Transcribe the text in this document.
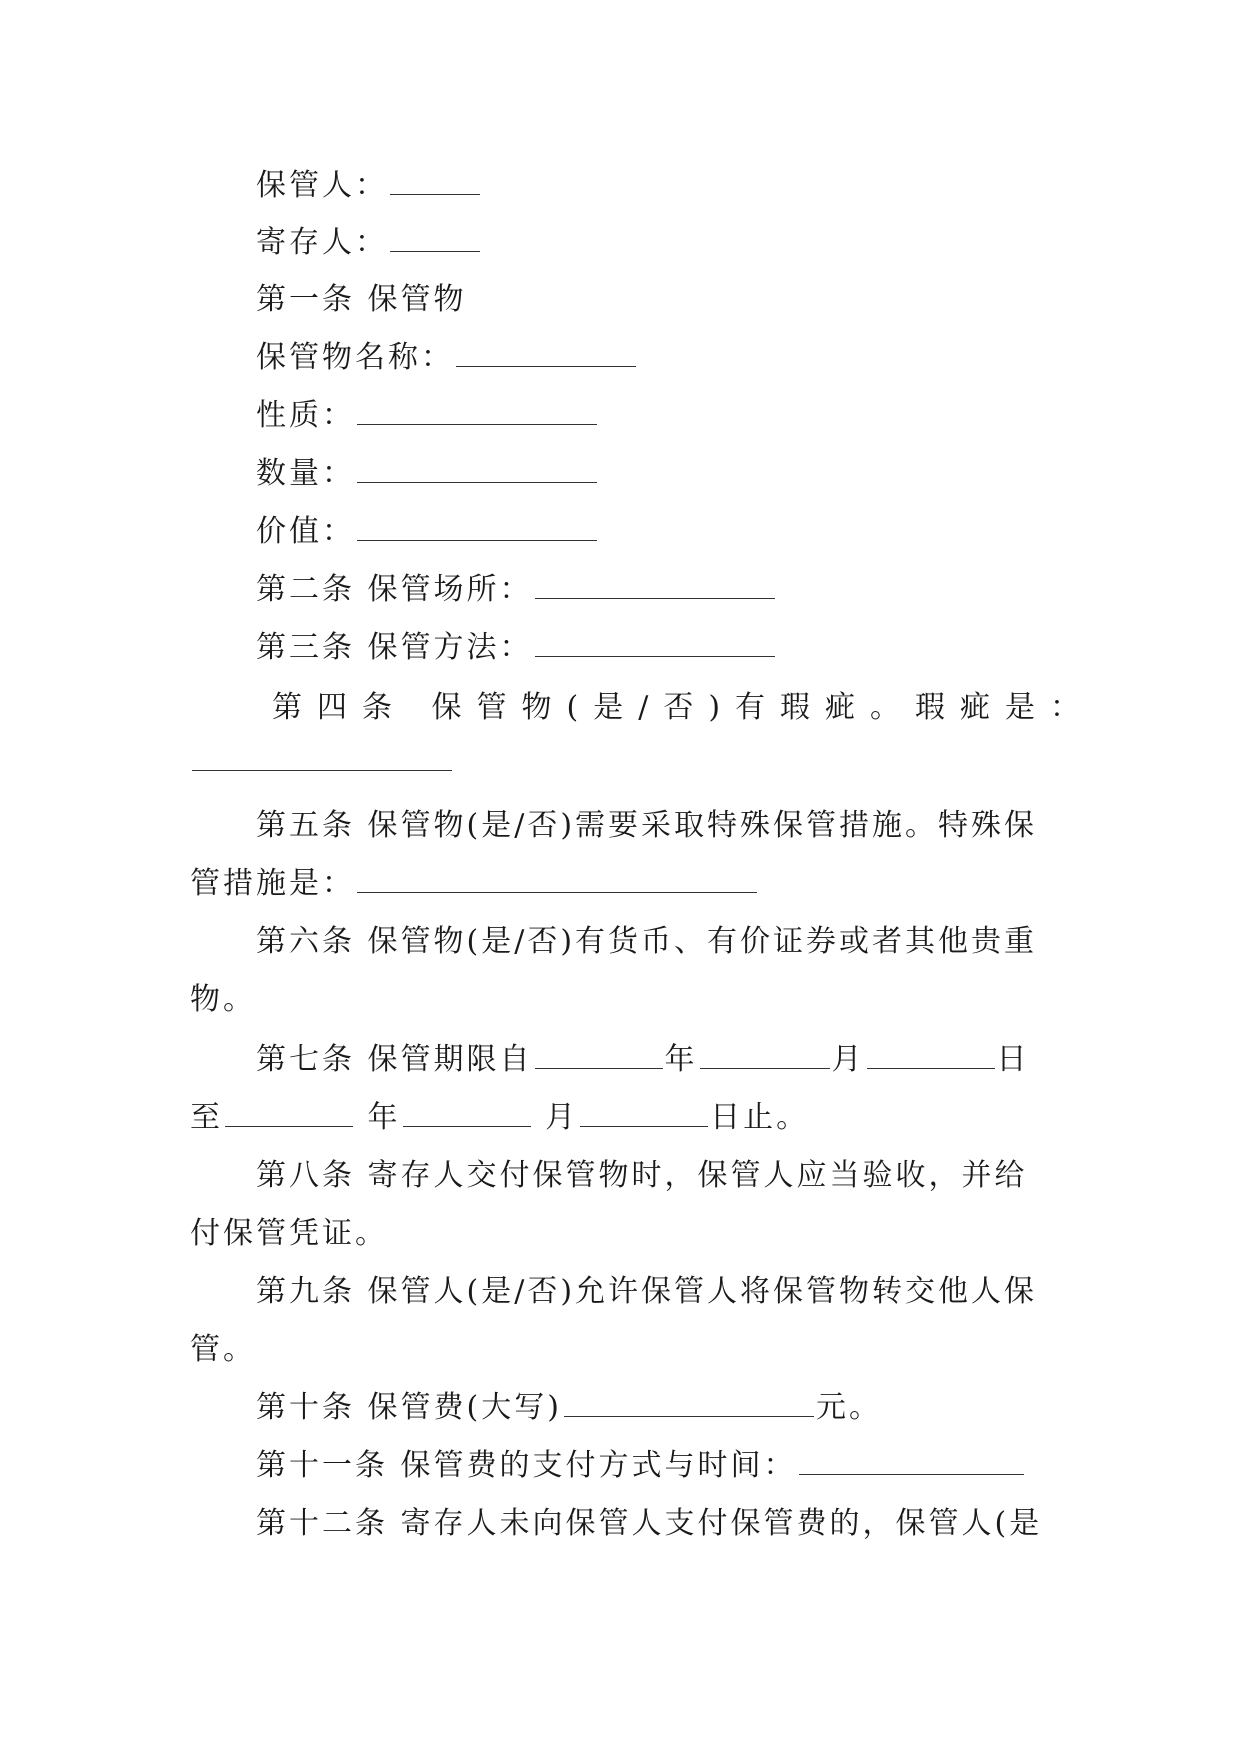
保管人：
寄存人：
第一条 保管物
保管物名称：
性质：
数量：
价值：
第二条 保管场所：
第三条 保管方法：
第四条 保管物(是/否)有瑕疵。瑕疵是：
第五条 保管物(是/否)需要采取特殊保管措施。特殊保
管措施是：
第六条 保管物(是/否)有货币、有价证券或者其他贵重
物。
第七条 保管期限自	年	月	日
至	年	月	日止。
第八条 寄存人交付保管物时，保管人应当验收，并给
付保管凭证。
第九条 保管人(是/否)允许保管人将保管物转交他人保
管。
第十条 保管费(大写)	元。
第十一条 保管费的支付方式与时间：
第十二条 寄存人未向保管人支付保管费的，保管人(是
